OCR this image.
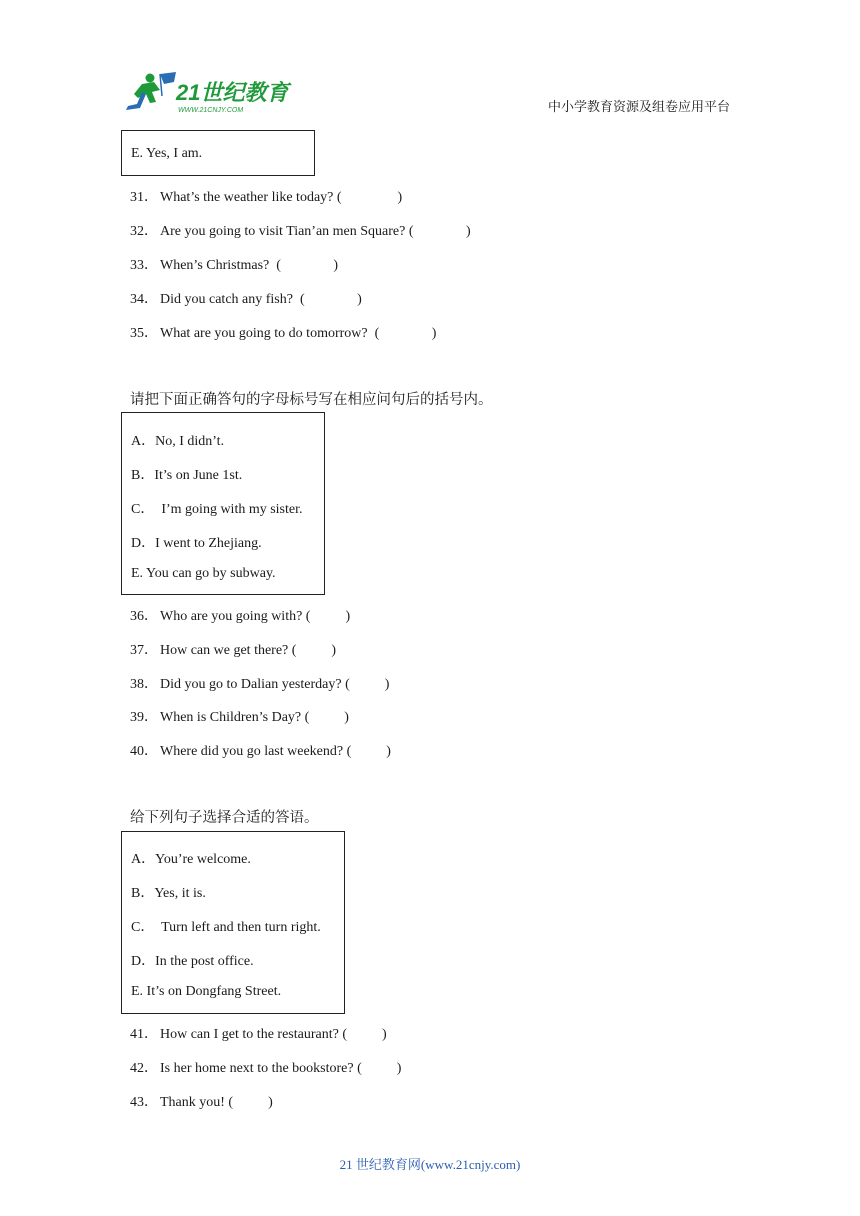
21世纪教育
WWW.21CNJY.COM	中小学教育资源及组卷应用平台
E. Yes, I am.
31． What’s the weather like today? (                )
32． Are you going to visit Tian’an men Square? (               )
33． When’s Christmas?  (               )
34． Did you catch any fish?  (               )
35． What are you going to do tomorrow?  (               )
请把下面正确答句的字母标号写在相应问句后的括号内。
A．No, I didn’t.
B．It’s on June 1st.
C．  I’m going with my sister.
D．I went to Zhejiang.
E. You can go by subway.
36． Who are you going with? (          )
37． How can we get there? (          )
38． Did you go to Dalian yesterday? (          )
39． When is Children’s Day? (          )
40． Where did you go last weekend? (          )
给下列句子选择合适的答语。
A．You’re welcome.
B．Yes, it is.
C．  Turn left and then turn right.
D．In the post office.
E. It’s on Dongfang Street.
41． How can I get to the restaurant? (          )
42． Is her home next to the bookstore? (          )
43． Thank you! (          )
21 世纪教育网(www.21cnjy.com)
